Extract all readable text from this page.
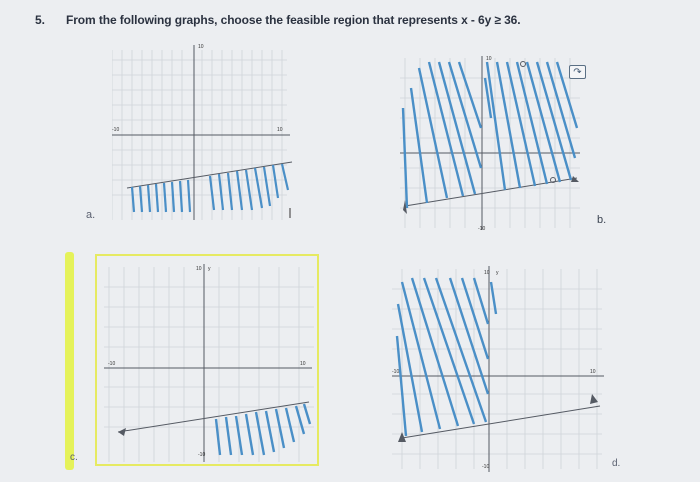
5. From the following graphs, choose the feasible region that represents x - 6y ≥ 36.
-10	10
10
a.
10
-10
↷
b.
-10	10
10 y
-10
c.
-10	10
10 y
-10	d.
